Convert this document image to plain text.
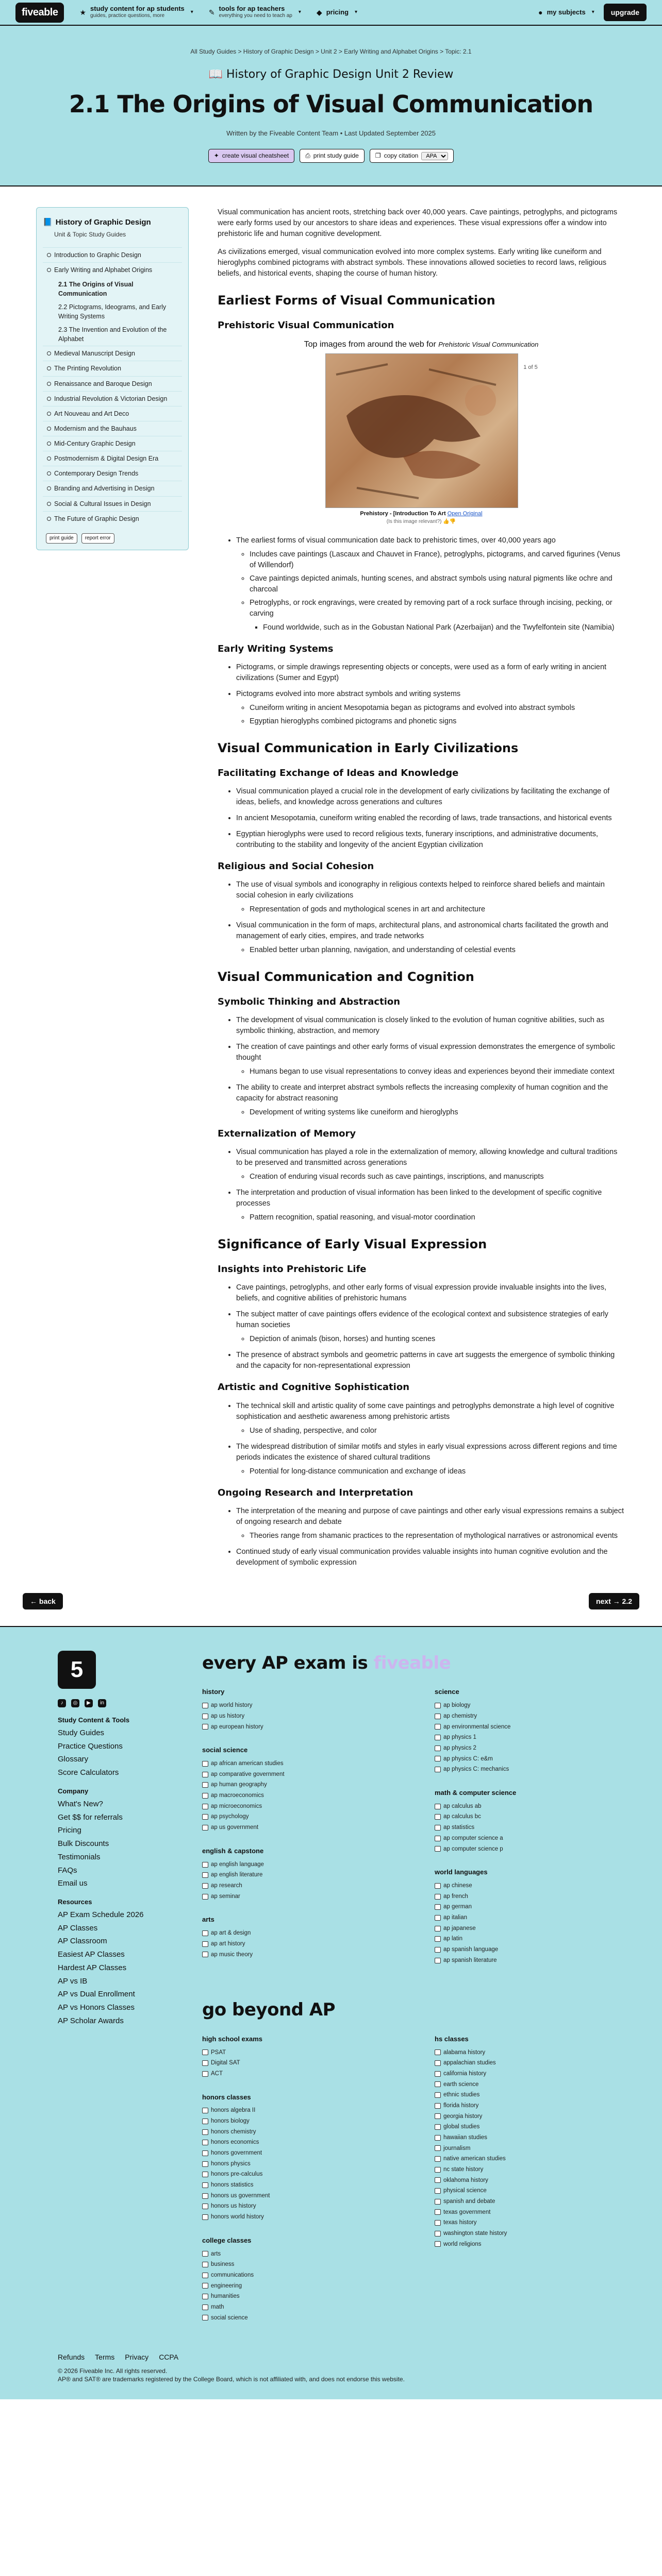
fiveable	★ study content for ap students
guides, practice questions, more
▾ ✎ tools for ap teachers
everything you need to teach ap
▾ ◆ pricing ▾	● my subjects ▾	upgrade
All Study Guides > History of Graphic Design > Unit 2 > Early Writing and Alphabet Origins > Topic: 2.1
📖 History of Graphic Design Unit 2 Review
2.1 The Origins of Visual Communication
Written by the Fiveable Content Team • Last Updated September 2025
✦ create visual cheatsheet	⎙ print study guide	❐ copy citation
APA
📘 History of Graphic Design
Unit & Topic Study Guides
Introduction to Graphic Design
Early Writing and Alphabet Origins
2.1 The Origins of Visual Communication
2.2 Pictograms, Ideograms, and Early Writing Systems
2.3 The Invention and Evolution of the Alphabet
Medieval Manuscript Design
The Printing Revolution
Renaissance and Baroque Design
Industrial Revolution & Victorian Design
Art Nouveau and Art Deco
Modernism and the Bauhaus
Mid-Century Graphic Design
Postmodernism & Digital Design Era
Contemporary Design Trends
Branding and Advertising in Design
Social & Cultural Issues in Design
The Future of Graphic Design
print guide	report error

Visual communication has ancient roots, stretching back over 40,000 years. Cave paintings, petroglyphs, and pictograms were early forms used by our ancestors to share ideas and experiences. These visual expressions offer a window into prehistoric life and human cognitive development.

As civilizations emerged, visual communication evolved into more complex systems. Early writing like cuneiform and hieroglyphs combined pictograms with abstract symbols. These innovations allowed societies to record laws, religious beliefs, and historical events, shaping the course of human history.

Earliest Forms of Visual Communication
Prehistoric Visual Communication
Top images from around the web for Prehistoric Visual Communication
1 of 5
Prehistory - [Introduction To Art Open Original
(Is this image relevant?) 👍👎
• The earliest forms of visual communication date back to prehistoric times, over 40,000 years ago
◦ Includes cave paintings (Lascaux and Chauvet in France), petroglyphs, pictograms, and carved figurines (Venus of Willendorf)
◦ Cave paintings depicted animals, hunting scenes, and abstract symbols using natural pigments like ochre and charcoal
◦ Petroglyphs, or rock engravings, were created by removing part of a rock surface through incising, pecking, or carving
▪ Found worldwide, such as in the Gobustan National Park (Azerbaijan) and the Twyfelfontein site (Namibia)
Early Writing Systems
• Pictograms, or simple drawings representing objects or concepts, were used as a form of early writing in ancient civilizations (Sumer and Egypt)
• Pictograms evolved into more abstract symbols and writing systems
◦ Cuneiform writing in ancient Mesopotamia began as pictograms and evolved into abstract symbols
◦ Egyptian hieroglyphs combined pictograms and phonetic signs
Visual Communication in Early Civilizations
Facilitating Exchange of Ideas and Knowledge
• Visual communication played a crucial role in the development of early civilizations by facilitating the exchange of ideas, beliefs, and knowledge across generations and cultures
• In ancient Mesopotamia, cuneiform writing enabled the recording of laws, trade transactions, and historical events
• Egyptian hieroglyphs were used to record religious texts, funerary inscriptions, and administrative documents, contributing to the stability and longevity of the ancient Egyptian civilization
Religious and Social Cohesion
• The use of visual symbols and iconography in religious contexts helped to reinforce shared beliefs and maintain social cohesion in early civilizations
◦ Representation of gods and mythological scenes in art and architecture
• Visual communication in the form of maps, architectural plans, and astronomical charts facilitated the growth and management of early cities, empires, and trade networks
◦ Enabled better urban planning, navigation, and understanding of celestial events
Visual Communication and Cognition
Symbolic Thinking and Abstraction
• The development of visual communication is closely linked to the evolution of human cognitive abilities, such as symbolic thinking, abstraction, and memory
• The creation of cave paintings and other early forms of visual expression demonstrates the emergence of symbolic thought
◦ Humans began to use visual representations to convey ideas and experiences beyond their immediate context
• The ability to create and interpret abstract symbols reflects the increasing complexity of human cognition and the capacity for abstract reasoning
◦ Development of writing systems like cuneiform and hieroglyphs
Externalization of Memory
• Visual communication has played a role in the externalization of memory, allowing knowledge and cultural traditions to be preserved and transmitted across generations
◦ Creation of enduring visual records such as cave paintings, inscriptions, and manuscripts
• The interpretation and production of visual information has been linked to the development of specific cognitive processes
◦ Pattern recognition, spatial reasoning, and visual-motor coordination
Significance of Early Visual Expression
Insights into Prehistoric Life
• Cave paintings, petroglyphs, and other early forms of visual expression provide invaluable insights into the lives, beliefs, and cognitive abilities of prehistoric humans
• The subject matter of cave paintings offers evidence of the ecological context and subsistence strategies of early human societies
◦ Depiction of animals (bison, horses) and hunting scenes
• The presence of abstract symbols and geometric patterns in cave art suggests the emergence of symbolic thinking and the capacity for non-representational expression
Artistic and Cognitive Sophistication
• The technical skill and artistic quality of some cave paintings and petroglyphs demonstrate a high level of cognitive sophistication and aesthetic awareness among prehistoric artists
◦ Use of shading, perspective, and color
• The widespread distribution of similar motifs and styles in early visual expressions across different regions and time periods indicates the existence of shared cultural traditions
◦ Potential for long-distance communication and exchange of ideas
Ongoing Research and Interpretation
• The interpretation of the meaning and purpose of cave paintings and other early visual expressions remains a subject of ongoing research and debate
◦ Theories range from shamanic practices to the representation of mythological narratives or astronomical events
• Continued study of early visual communication provides valuable insights into human cognitive evolution and the development of symbolic expression
← back	next → 2.2
5
♪	◎	▶	in
Study Content & Tools
Study Guides
Practice Questions
Glossary
Score Calculators
Company
What's New?
Get $$ for referrals
Pricing
Bulk Discounts
Testimonials
FAQs
Email us
Resources
AP Exam Schedule 2026
AP Classes
AP Classroom
Easiest AP Classes
Hardest AP Classes
AP vs IB
AP vs Dual Enrollment
AP vs Honors Classes
AP Scholar Awards
every AP exam is fiveable
history
ap world history
ap us history
ap european history
social science
ap african american studies
ap comparative government
ap human geography
ap macroeconomics
ap microeconomics
ap psychology
ap us government
english & capstone
ap english language
ap english literature
ap research
ap seminar
arts
ap art & design
ap art history
ap music theory
science
ap biology
ap chemistry
ap environmental science
ap physics 1
ap physics 2
ap physics C: e&m
ap physics C: mechanics
math & computer science
ap calculus ab
ap calculus bc
ap statistics
ap computer science a
ap computer science p
world languages
ap chinese
ap french
ap german
ap italian
ap japanese
ap latin
ap spanish language
ap spanish literature
go beyond AP
high school exams
PSAT
Digital SAT
ACT
honors classes
honors algebra II
honors biology
honors chemistry
honors economics
honors government
honors physics
honors pre-calculus
honors statistics
honors us government
honors us history
honors world history
college classes
arts
business
communications
engineering
humanities
math
social science
hs classes
alabama history
appalachian studies
california history
earth science
ethnic studies
florida history
georgia history
global studies
hawaiian studies
journalism
native american studies
nc state history
oklahoma history
physical science
spanish and debate
texas government
texas history
washington state history
world religions
Refunds Terms Privacy CCPA
© 2026 Fiveable Inc. All rights reserved.
AP® and SAT® are trademarks registered by the College Board, which is not affiliated with, and does not endorse this website.
